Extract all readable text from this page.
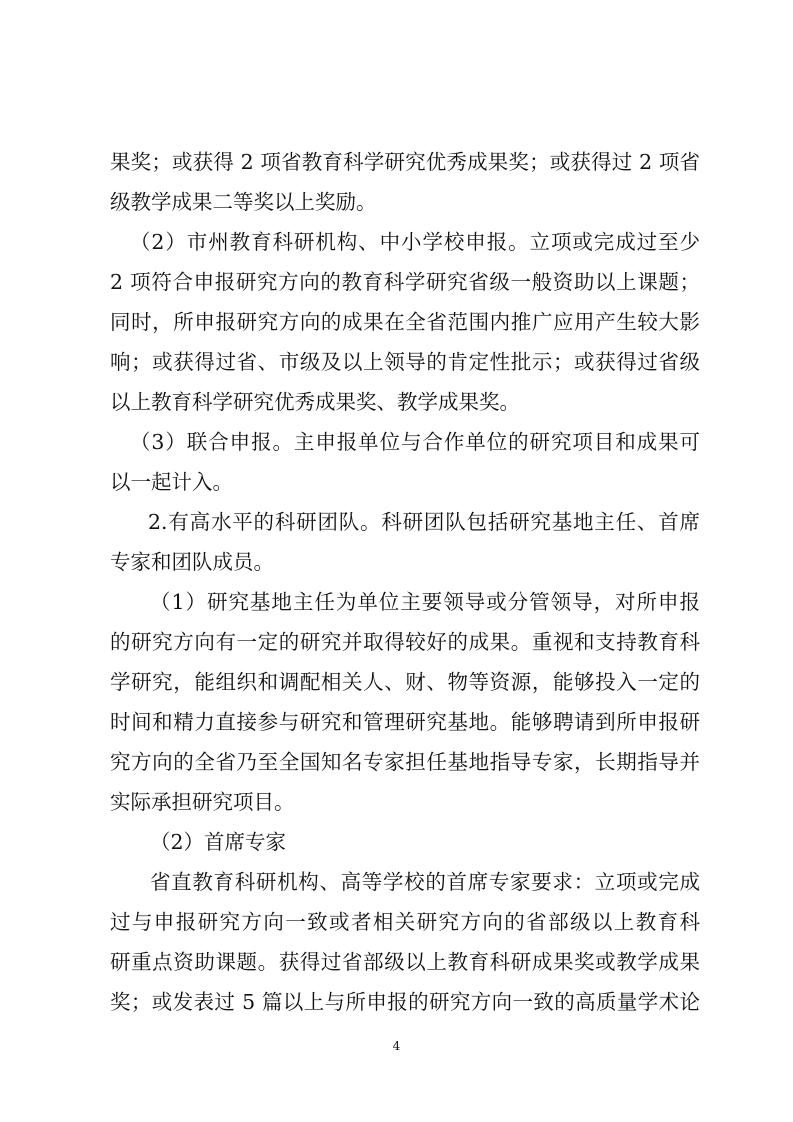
果奖；或获得 2 项省教育科学研究优秀成果奖；或获得过 2 项省
级教学成果二等奖以上奖励。
（2）市州教育科研机构、中小学校申报。立项或完成过至少
2 项符合申报研究方向的教育科学研究省级一般资助以上课题；
同时，所申报研究方向的成果在全省范围内推广应用产生较大影
响；或获得过省、市级及以上领导的肯定性批示；或获得过省级
以上教育科学研究优秀成果奖、教学成果奖。
（3）联合申报。主申报单位与合作单位的研究项目和成果可
以一起计入。
2.有高水平的科研团队。科研团队包括研究基地主任、首席
专家和团队成员。
（1）研究基地主任为单位主要领导或分管领导，对所申报
的研究方向有一定的研究并取得较好的成果。重视和支持教育科
学研究，能组织和调配相关人、财、物等资源，能够投入一定的
时间和精力直接参与研究和管理研究基地。能够聘请到所申报研
究方向的全省乃至全国知名专家担任基地指导专家，长期指导并
实际承担研究项目。
（2）首席专家
省直教育科研机构、高等学校的首席专家要求：立项或完成
过与申报研究方向一致或者相关研究方向的省部级以上教育科
研重点资助课题。获得过省部级以上教育科研成果奖或教学成果
奖；或发表过 5 篇以上与所申报的研究方向一致的高质量学术论
4
